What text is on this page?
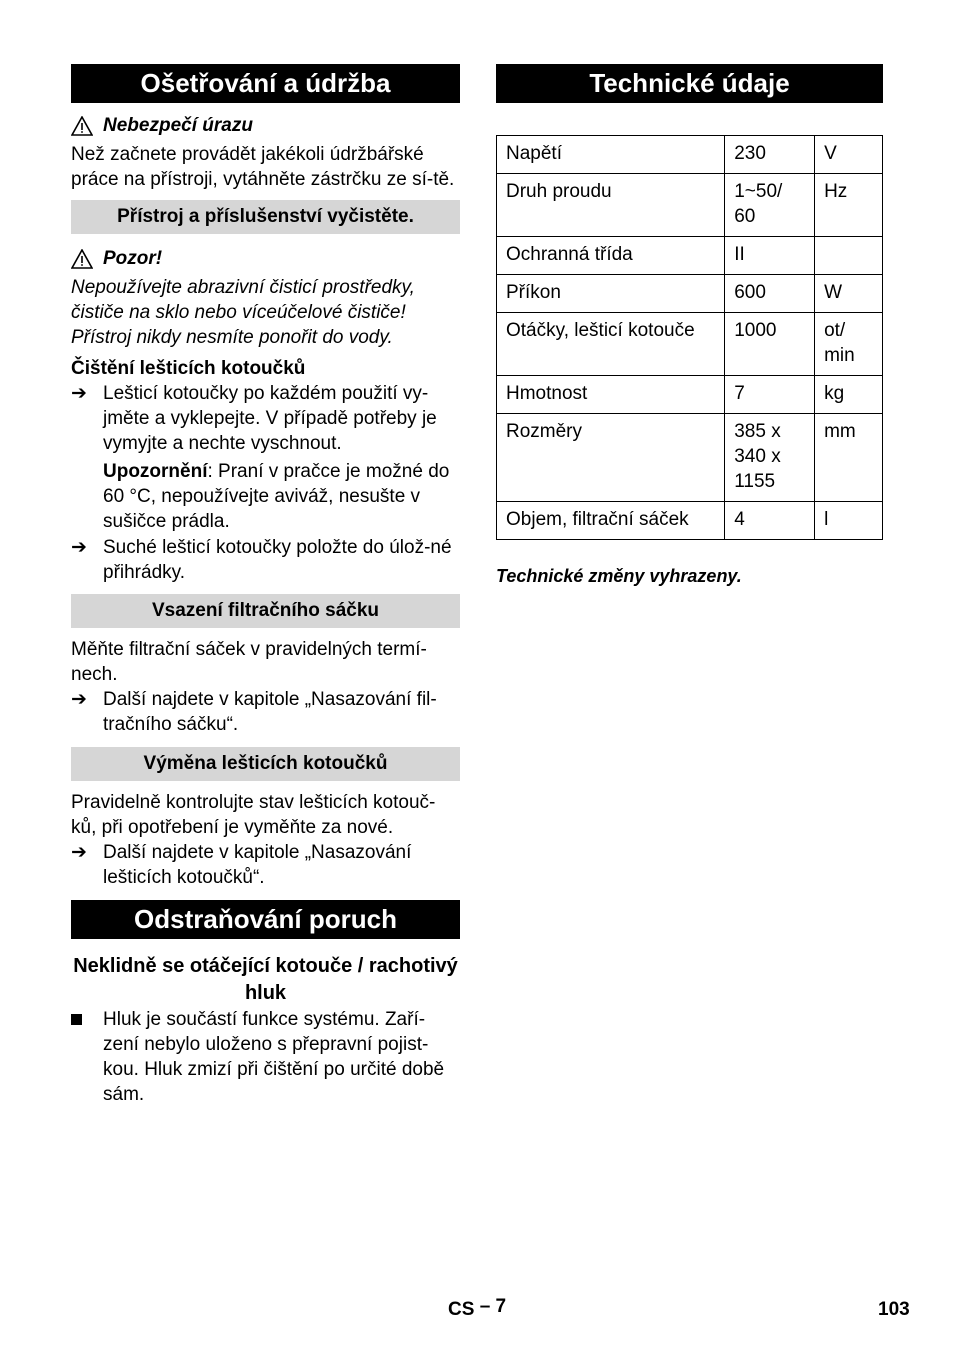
Ošetřování a údržba
Nebezpečí úrazu

Než začnete provádět jakékoli údržbářské práce na přístroji, vytáhněte zástrčku ze sí-tě.

Přístroj a příslušenství vyčistěte.
Pozor!

Nepoužívejte abrazivní čisticí prostředky, čističe na sklo nebo víceúčelové čističe! Přístroj nikdy nesmíte ponořit do vody.

Čištění lešticích kotoučků

➔ Lešticí kotoučky po každém použití vy-jměte a vyklepejte. V případě potřeby je vymyjte a nechte vyschnout.

Upozornění: Praní v pračce je možné do 60 °C, nepoužívejte aviváž, nesušte v sušičce prádla.

➔ Suché lešticí kotoučky položte do úlož-né přihrádky.
Vsazení filtračního sáčku

Měňte filtrační sáček v pravidelných termí-nech.

➔ Další najdete v kapitole „Nasazování fil-tračního sáčku“.
Výměna lešticích kotoučků

Pravidelně kontrolujte stav lešticích kotouč-ků, při opotřebení je vyměňte za nové.

➔ Další najdete v kapitole „Nasazování lešticích kotoučků“.
Odstraňování poruch

Neklidně se otáčející kotouče / rachotivý hluk

Hluk je součástí funkce systému. Zaří-zení nebylo uloženo s přepravní pojist-kou. Hluk zmizí při čištění po určité době sám.
Technické údaje
Napětí	230	V
Druh proudu	1~50/ 60	Hz
Ochranná třída	II	
Příkon	600	W
Otáčky, lešticí kotouče	1000	ot/ min
Hmotnost	7	kg
Rozměry	385 x 340 x 1155	mm
Objem, filtrační sáček	4	l

Technické změny vyhrazeny.

CS – 7	103
